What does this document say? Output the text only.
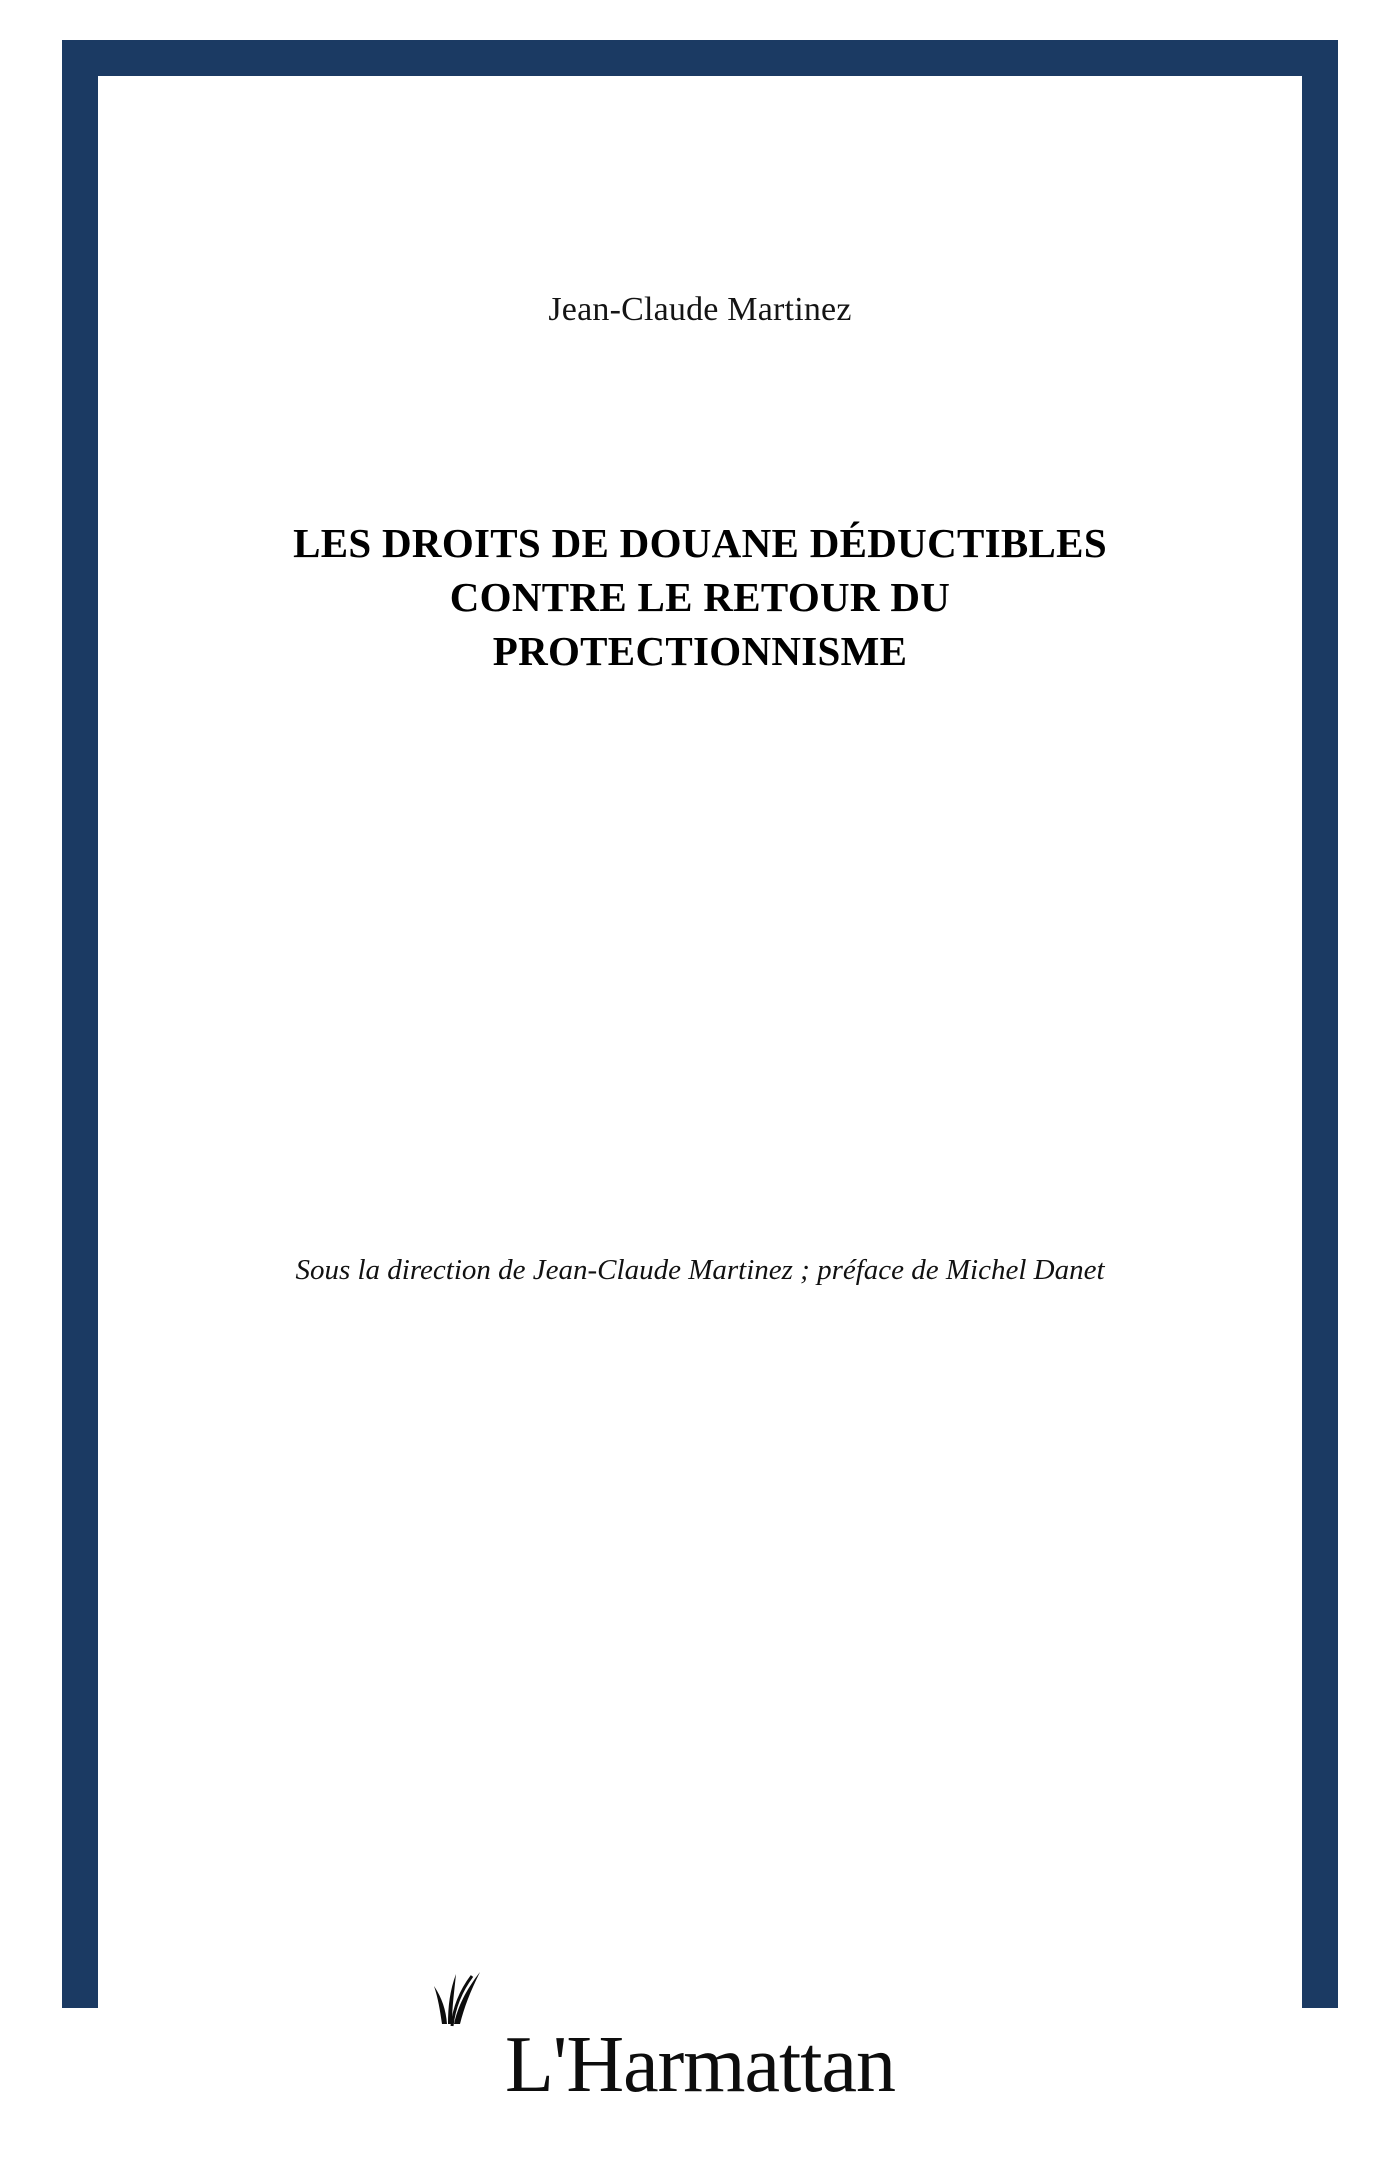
Jean-Claude Martinez
LES DROITS DE DOUANE DÉDUCTIBLES
CONTRE LE RETOUR DU
PROTECTIONNISME
Sous la direction de Jean-Claude Martinez ; préface de Michel Danet
L'Harmattan
